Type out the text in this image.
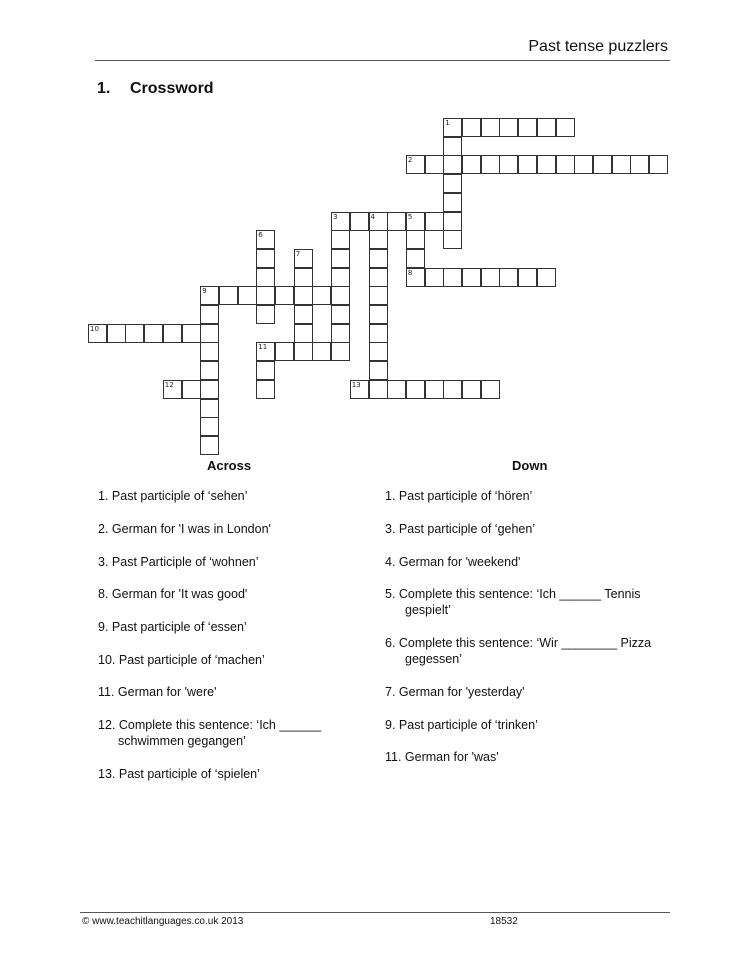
Past tense puzzlers
1. Crossword
1
2
3	4	5
6
7
8
9
10
11
12	13
Across	Down
1. Past participle of ‘sehen’
2. German for 'I was in London'
3. Past Participle of ‘wohnen’
8. German for 'It was good'
9. Past participle of ‘essen’
10. Past participle of ‘machen’
11. German for 'were'
12. Complete this sentence: ‘Ich ______
schwimmen gegangen’
13. Past participle of ‘spielen’
1. Past participle of ‘hören’
3. Past participle of ‘gehen’
4. German for 'weekend'
5. Complete this sentence: ‘Ich ______ Tennis
gespielt’
6. Complete this sentence: ‘Wir ________ Pizza
gegessen’
7. German for 'yesterday'
9. Past participle of ‘trinken’
11. German for 'was'
© www.teachitlanguages.co.uk 2013	18532
